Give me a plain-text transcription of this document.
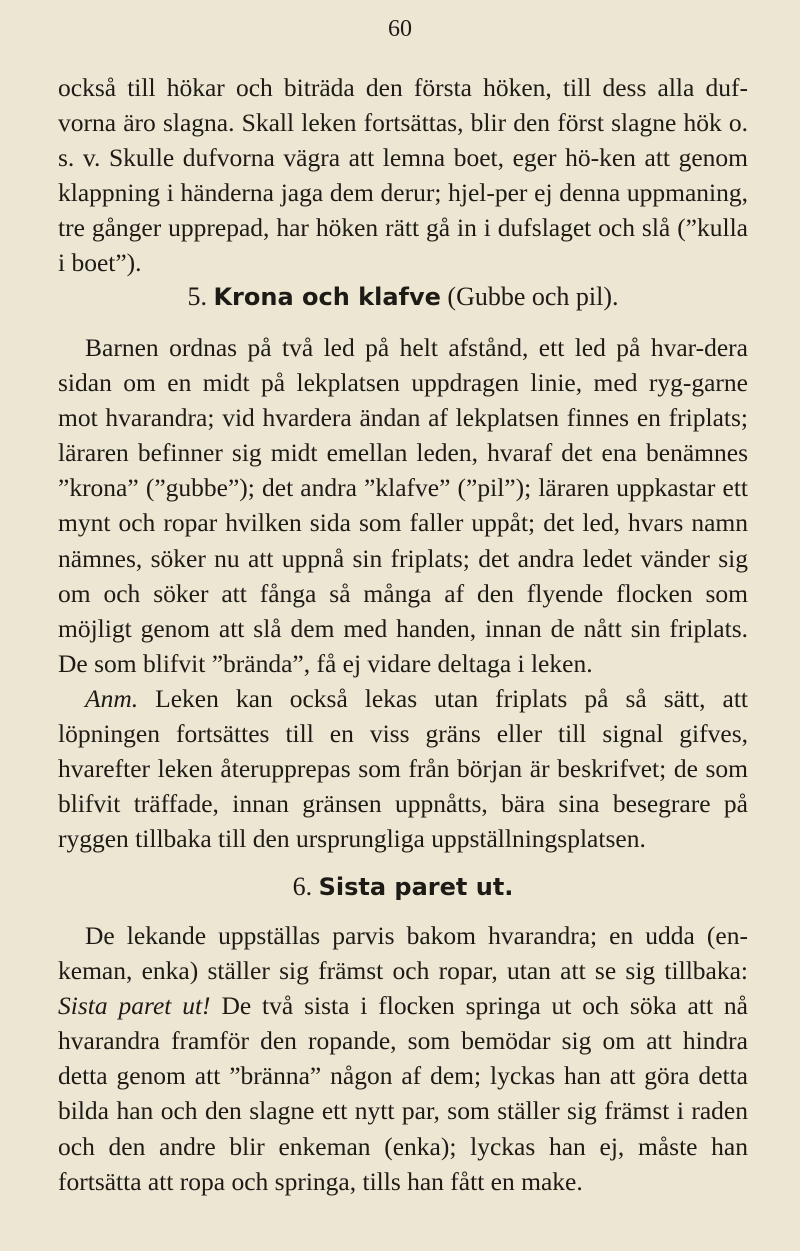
60

också till hökar och biträda den första höken, till dess alla duf-vorna äro slagna. Skall leken fortsättas, blir den först slagne hök o. s. v. Skulle dufvorna vägra att lemna boet, eger hö-ken att genom klappning i händerna jaga dem derur; hjel-per ej denna uppmaning, tre gånger upprepad, har höken rätt gå in i dufslaget och slå (”kulla i boet”).

5. Krona och klafve (Gubbe och pil).

Barnen ordnas på två led på helt afstånd, ett led på hvar-dera sidan om en midt på lekplatsen uppdragen linie, med ryg-garne mot hvarandra; vid hvardera ändan af lekplatsen finnes en friplats; läraren befinner sig midt emellan leden, hvaraf det ena benämnes ”krona” (”gubbe”); det andra ”klafve” (”pil”); läraren uppkastar ett mynt och ropar hvilken sida som faller uppåt; det led, hvars namn nämnes, söker nu att uppnå sin friplats; det andra ledet vänder sig om och söker att fånga så många af den flyende flocken som möjligt genom att slå dem med handen, innan de nått sin friplats. De som blifvit ”brända”, få ej vidare deltaga i leken.

Anm. Leken kan också lekas utan friplats på så sätt, att löpningen fortsättes till en viss gräns eller till signal gifves, hvarefter leken återupprepas som från början är beskrifvet; de som blifvit träffade, innan gränsen uppnåtts, bära sina besegrare på ryggen tillbaka till den ursprungliga uppställningsplatsen.

6. Sista paret ut.

De lekande uppställas parvis bakom hvarandra; en udda (en-keman, enka) ställer sig främst och ropar, utan att se sig tillbaka: Sista paret ut! De två sista i flocken springa ut och söka att nå hvarandra framför den ropande, som bemödar sig om att hindra detta genom att ”bränna” någon af dem; lyckas han att göra detta bilda han och den slagne ett nytt par, som ställer sig främst i raden och den andre blir enkeman (enka); lyckas han ej, måste han fortsätta att ropa och springa, tills han fått en make.
